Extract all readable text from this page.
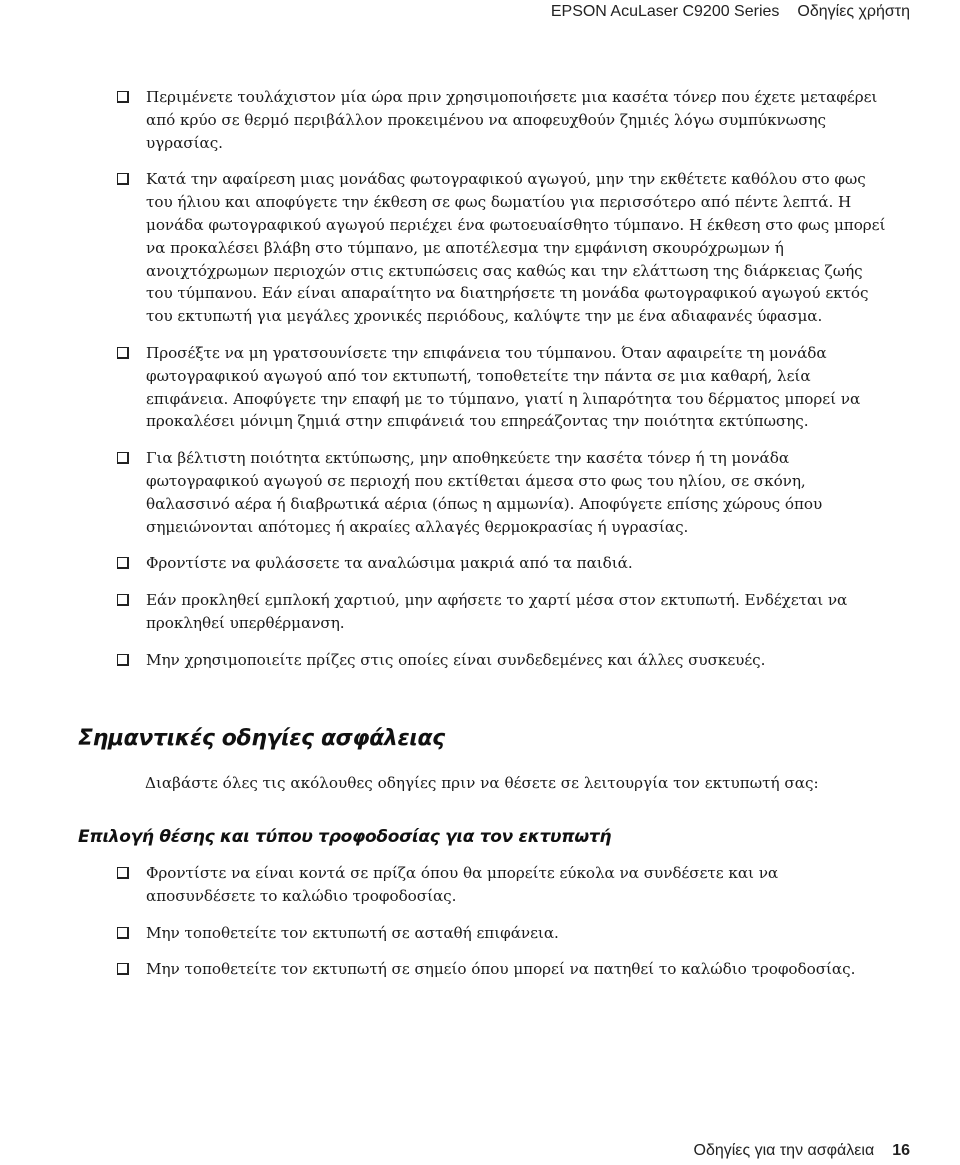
EPSON AcuLaser C9200 Series Οδηγίες χρήστη
Περιμένετε τουλάχιστον μία ώρα πριν χρησιμοποιήσετε μια κασέτα τόνερ που έχετε μεταφέρει από κρύο σε θερμό περιβάλλον προκειμένου να αποφευχθούν ζημιές λόγω συμπύκνωσης υγρασίας.
Κατά την αφαίρεση μιας μονάδας φωτογραφικού αγωγού, μην την εκθέτετε καθόλου στο φως του ήλιου και αποφύγετε την έκθεση σε φως δωματίου για περισσότερο από πέντε λεπτά. Η μονάδα φωτογραφικού αγωγού περιέχει ένα φωτοευαίσθητο τύμπανο. Η έκθεση στο φως μπορεί να προκαλέσει βλάβη στο τύμπανο, με αποτέλεσμα την εμφάνιση σκουρόχρωμων ή ανοιχτόχρωμων περιοχών στις εκτυπώσεις σας καθώς και την ελάττωση της διάρκειας ζωής του τύμπανου. Εάν είναι απαραίτητο να διατηρήσετε τη μονάδα φωτογραφικού αγωγού εκτός του εκτυπωτή για μεγάλες χρονικές περιόδους, καλύψτε την με ένα αδιαφανές ύφασμα.
Προσέξτε να μη γρατσουνίσετε την επιφάνεια του τύμπανου. Όταν αφαιρείτε τη μονάδα φωτογραφικού αγωγού από τον εκτυπωτή, τοποθετείτε την πάντα σε μια καθαρή, λεία επιφάνεια. Αποφύγετε την επαφή με το τύμπανο, γιατί η λιπαρότητα του δέρματος μπορεί να προκαλέσει μόνιμη ζημιά στην επιφάνειά του επηρεάζοντας την ποιότητα εκτύπωσης.
Για βέλτιστη ποιότητα εκτύπωσης, μην αποθηκεύετε την κασέτα τόνερ ή τη μονάδα φωτογραφικού αγωγού σε περιοχή που εκτίθεται άμεσα στο φως του ηλίου, σε σκόνη, θαλασσινό αέρα ή διαβρωτικά αέρια (όπως η αμμωνία). Αποφύγετε επίσης χώρους όπου σημειώνονται απότομες ή ακραίες αλλαγές θερμοκρασίας ή υγρασίας.
Φροντίστε να φυλάσσετε τα αναλώσιμα μακριά από τα παιδιά.
Εάν προκληθεί εμπλοκή χαρτιού, μην αφήσετε το χαρτί μέσα στον εκτυπωτή. Ενδέχεται να προκληθεί υπερθέρμανση.
Μην χρησιμοποιείτε πρίζες στις οποίες είναι συνδεδεμένες και άλλες συσκευές.
Σημαντικές οδηγίες ασφάλειας
Διαβάστε όλες τις ακόλουθες οδηγίες πριν να θέσετε σε λειτουργία τον εκτυπωτή σας:
Επιλογή θέσης και τύπου τροφοδοσίας για τον εκτυπωτή
Φροντίστε να είναι κοντά σε πρίζα όπου θα μπορείτε εύκολα να συνδέσετε και να αποσυνδέσετε το καλώδιο τροφοδοσίας.
Μην τοποθετείτε τον εκτυπωτή σε ασταθή επιφάνεια.
Μην τοποθετείτε τον εκτυπωτή σε σημείο όπου μπορεί να πατηθεί το καλώδιο τροφοδοσίας.
Οδηγίες για την ασφάλεια 16
